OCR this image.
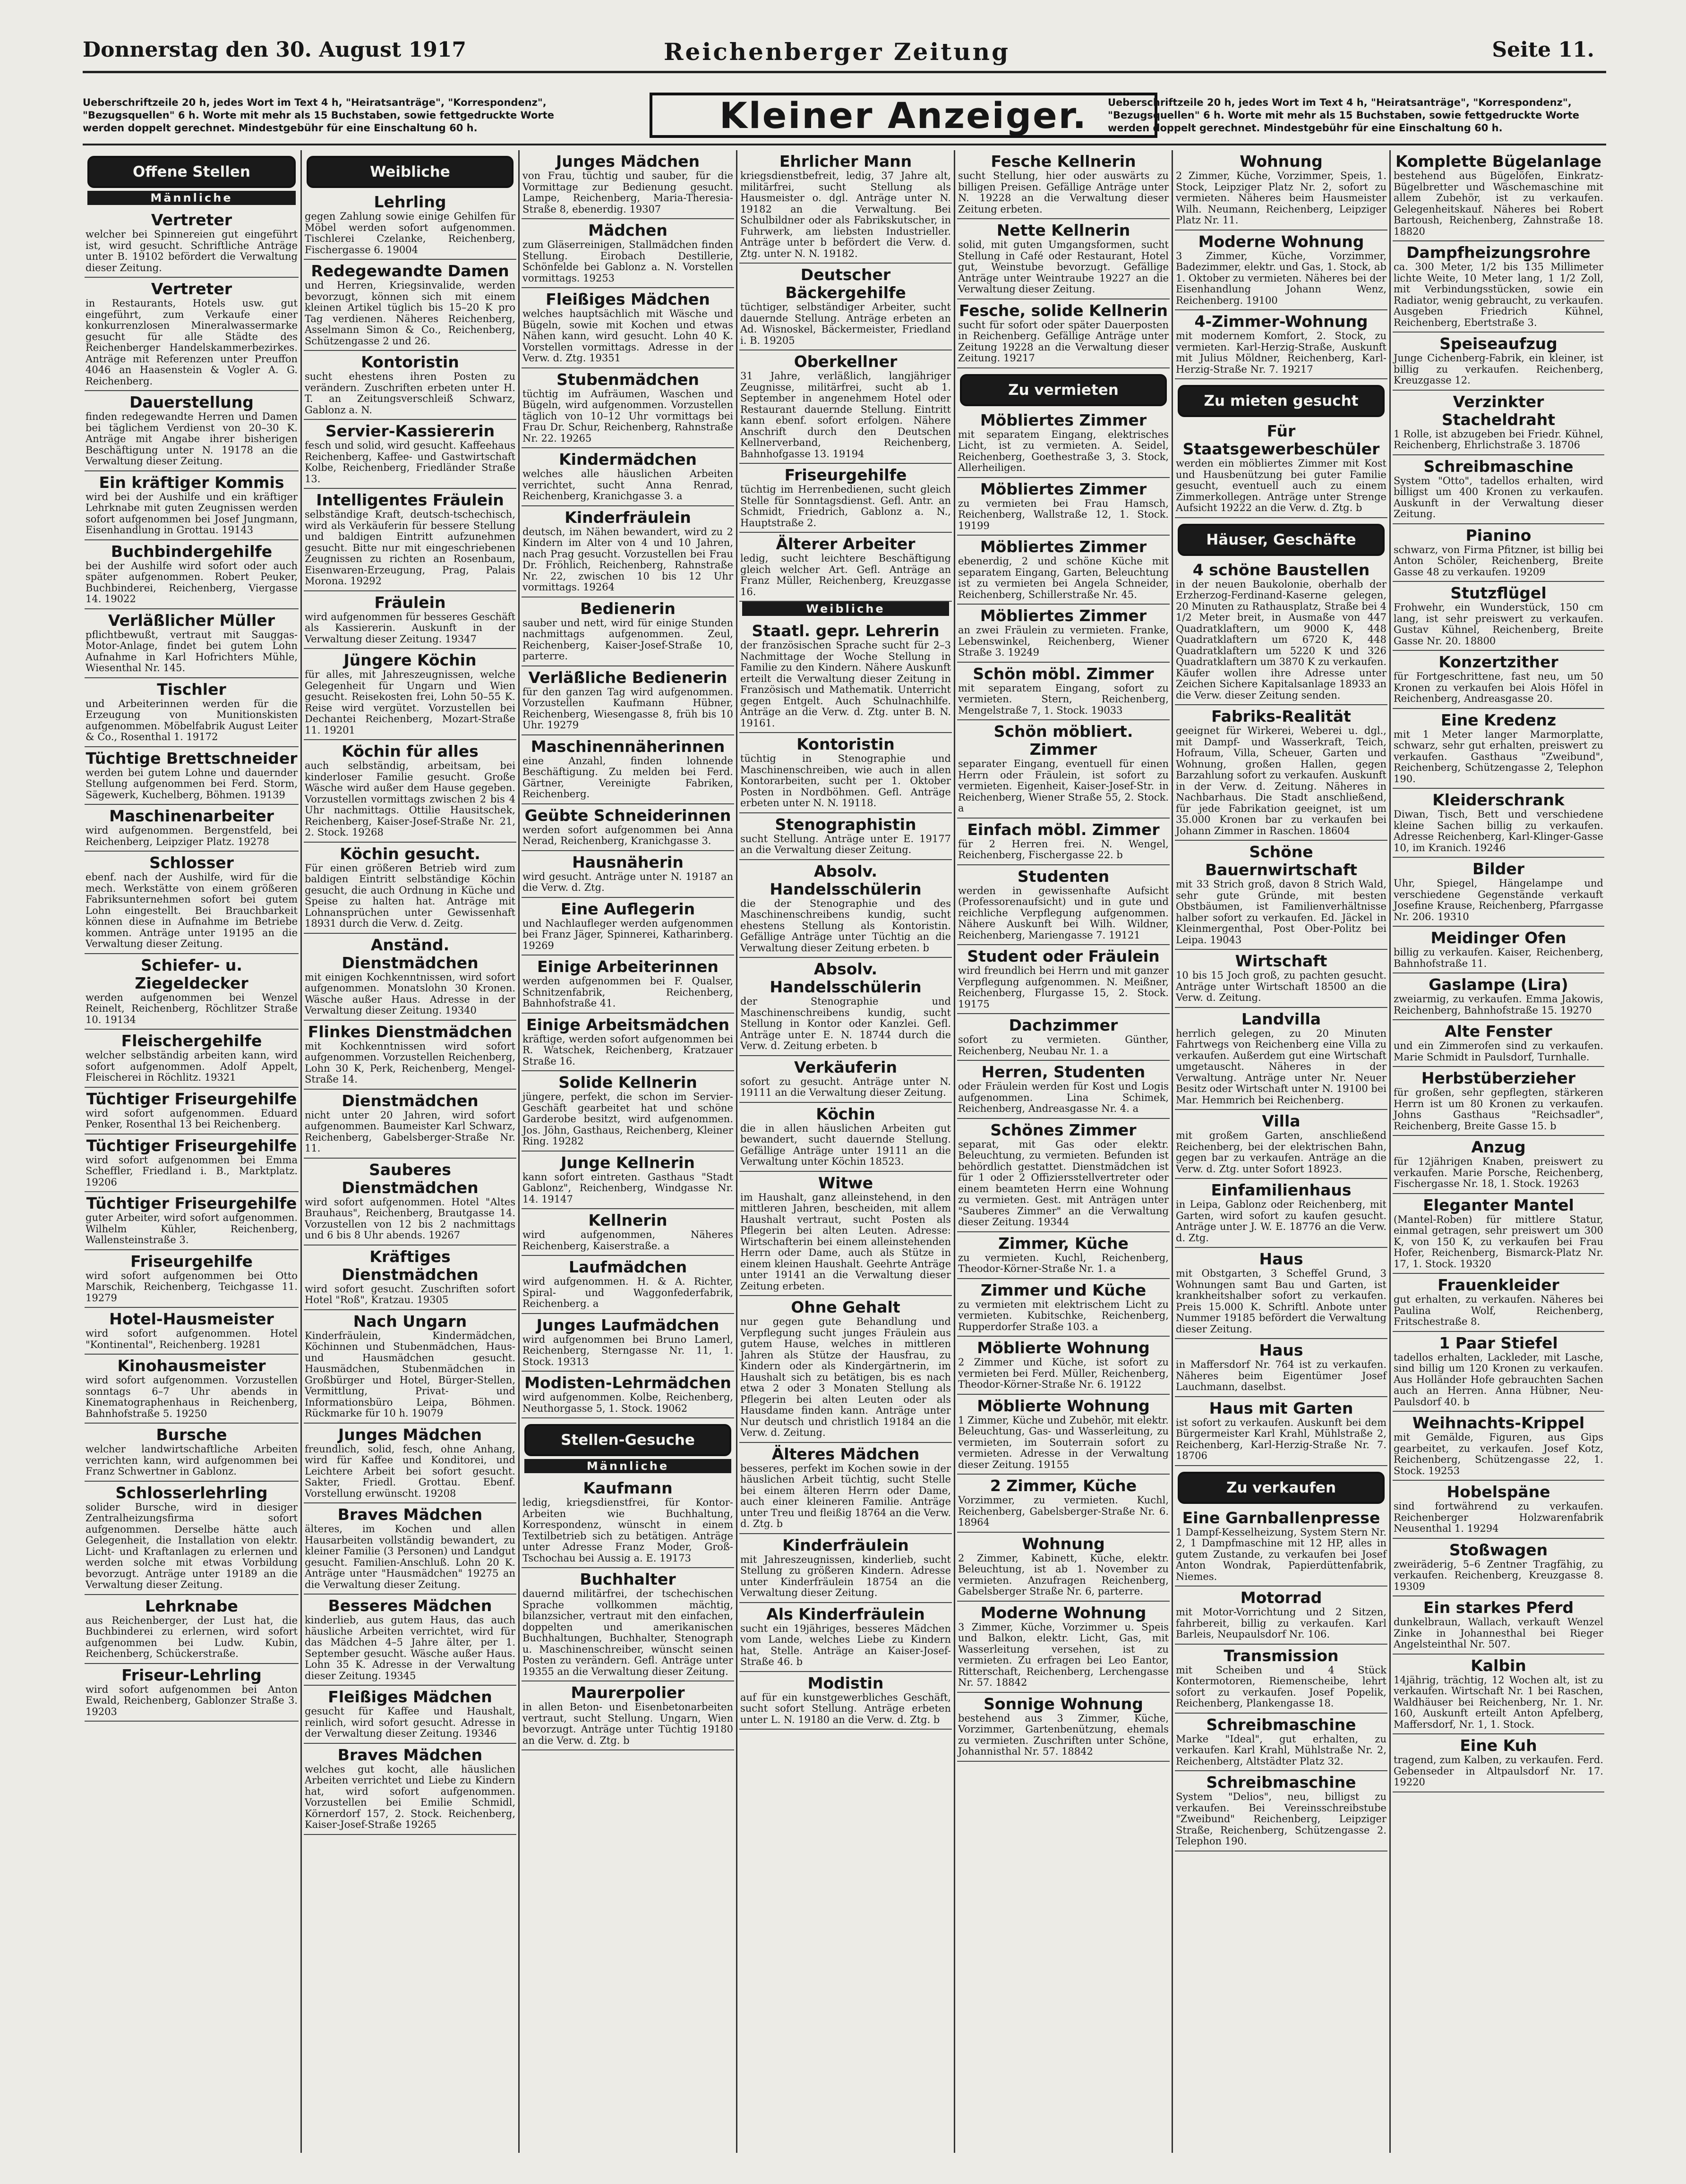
Donnerstag den 30. August 1917	Reichenberger Zeitung	Seite 11.
Ueberschriftzeile 20 h, jedes Wort im Text 4 h, "Heiratsanträge", "Korrespondenz", "Bezugsquellen" 6 h. Worte mit mehr als 15 Buchstaben, sowie fettgedruckte Worte werden doppelt gerechnet. Mindestgebühr für eine Einschaltung 60 h.	Kleiner Anzeiger.	Ueberschriftzeile 20 h, jedes Wort im Text 4 h, "Heiratsanträge", "Korrespondenz", "Bezugsquellen" 6 h. Worte mit mehr als 15 Buchstaben, sowie fettgedruckte Worte werden doppelt gerechnet. Mindestgebühr für eine Einschaltung 60 h.
Offene Stellen
Männliche
Vertreter
welcher bei Spinnereien gut eingeführt ist, wird gesucht. Schriftliche Anträge unter B. 19102 befördert die Verwaltung dieser Zeitung.
Vertreter
in Restaurants, Hotels usw. gut eingeführt, zum Verkaufe einer konkurrenzlosen Mineralwassermarke gesucht für alle Städte des Reichenberger Handelskammerbezirkes. Anträge mit Referenzen unter Preuffon 4046 an Haasenstein & Vogler A. G. Reichenberg.
Dauerstellung
finden redegewandte Herren und Damen bei täglichem Verdienst von 20–30 K. Anträge mit Angabe ihrer bisherigen Beschäftigung unter N. 19178 an die Verwaltung dieser Zeitung.
Ein kräftiger Kommis
wird bei der Aushilfe und ein kräftiger Lehrknabe mit guten Zeugnissen werden sofort aufgenommen bei Josef Jungmann, Eisenhandlung in Grottau. 19143
Buchbindergehilfe
bei der Aushilfe wird sofort oder auch später aufgenommen. Robert Peuker, Buchbinderei, Reichenberg, Viergasse 14. 19022
Verläßlicher Müller
pflichtbewußt, vertraut mit Sauggas-Motor-Anlage, findet bei gutem Lohn Aufnahme in Karl Hofrichters Mühle, Wiesenthal Nr. 145.
Tischler
und Arbeiterinnen werden für die Erzeugung von Munitionskisten aufgenommen. Möbelfabrik August Leiter & Co., Rosenthal 1. 19172
Tüchtige Brettschneider
werden bei gutem Lohne und dauernder Stellung aufgenommen bei Ferd. Storm, Sägewerk, Kuchelberg, Böhmen. 19139
Maschinenarbeiter
wird aufgenommen. Bergenstfeld, bei Reichenberg, Leipziger Platz. 19278
Schlosser
ebenf. nach der Aushilfe, wird für die mech. Werkstätte von einem größeren Fabriksunternehmen sofort bei gutem Lohn eingestellt. Bei Brauchbarkeit können diese in Aufnahme im Betriebe kommen. Anträge unter 19195 an die Verwaltung dieser Zeitung.
Schiefer- u. Ziegeldecker
werden aufgenommen bei Wenzel Reinelt, Reichenberg, Röchlitzer Straße 10. 19134
Fleischergehilfe
welcher selbständig arbeiten kann, wird sofort aufgenommen. Adolf Appelt, Fleischerei in Röchlitz. 19321
Tüchtiger Friseurgehilfe
wird sofort aufgenommen. Eduard Penker, Rosenthal 13 bei Reichenberg.
Tüchtiger Friseurgehilfe
wird sofort aufgenommen bei Emma Scheffler, Friedland i. B., Marktplatz. 19206
Tüchtiger Friseurgehilfe
guter Arbeiter, wird sofort aufgenommen. Wilhelm Kühler, Reichenberg, Wallensteinstraße 3.
Friseurgehilfe
wird sofort aufgenommen bei Otto Marschik, Reichenberg, Teichgasse 11. 19279
Hotel-Hausmeister
wird sofort aufgenommen. Hotel "Kontinental", Reichenberg. 19281
Kinohausmeister
wird sofort aufgenommen. Vorzustellen sonntags 6–7 Uhr abends in Kinematographenhaus in Reichenberg, Bahnhofstraße 5. 19250
Bursche
welcher landwirtschaftliche Arbeiten verrichten kann, wird aufgenommen bei Franz Schwertner in Gablonz.
Schlosserlehrling
solider Bursche, wird in diesiger Zentralheizungsfirma sofort aufgenommen. Derselbe hätte auch Gelegenheit, die Installation von elektr. Licht- und Kraftanlagen zu erlernen und werden solche mit etwas Vorbildung bevorzugt. Anträge unter 19189 an die Verwaltung dieser Zeitung.
Lehrknabe
aus Reichenberger, der Lust hat, die Buchbinderei zu erlernen, wird sofort aufgenommen bei Ludw. Kubin, Reichenberg, Schückerstraße.
Friseur-Lehrling
wird sofort aufgenommen bei Anton Ewald, Reichenberg, Gablonzer Straße 3. 19203
Weibliche
Lehrling
gegen Zahlung sowie einige Gehilfen für Möbel werden sofort aufgenommen. Tischlerei Czelanke, Reichenberg, Fischergasse 6. 19004
Redegewandte Damen
und Herren, Kriegsinvalide, werden bevorzugt, können sich mit einem kleinen Artikel tüglich bis 15–20 K pro Tag verdienen. Näheres Reichenberg, Asselmann Simon & Co., Reichenberg, Schützengasse 2 und 26.
Kontoristin
sucht ehestens ihren Posten zu verändern. Zuschriften erbeten unter H. T. an Zeitungsverschleiß Schwarz, Gablonz a. N.
Servier-Kassiererin
fesch und solid, wird gesucht. Kaffeehaus Reichenberg, Kaffee- und Gastwirtschaft Kolbe, Reichenberg, Friedländer Straße 13.
Intelligentes Fräulein
selbständige Kraft, deutsch-tschechisch, wird als Verkäuferin für bessere Stellung und baldigen Eintritt aufzunehmen gesucht. Bitte nur mit eingeschriebenen Zeugnissen zu richten an Rosenbaum, Eisenwaren-Erzeugung, Prag, Palais Morona. 19292
Fräulein
wird aufgenommen für besseres Geschäft als Kassiererin. Auskunft in der Verwaltung dieser Zeitung. 19347
Jüngere Köchin
für alles, mit Jahreszeugnissen, welche Gelegenheit für Ungarn und Wien gesucht. Reisekosten frei, Lohn 50–55 K. Reise wird vergütet. Vorzustellen bei Dechantei Reichenberg, Mozart-Straße 11. 19201
Köchin für alles
auch selbständig, arbeitsam, bei kinderloser Familie gesucht. Große Wäsche wird außer dem Hause gegeben. Vorzustellen vormittags zwischen 2 bis 4 Uhr nachmittags. Ottilie Hausitschek, Reichenberg, Kaiser-Josef-Straße Nr. 21, 2. Stock. 19268
Köchin gesucht.
Für einen größeren Betrieb wird zum baldigen Eintritt selbständige Köchin gesucht, die auch Ordnung in Küche und Speise zu halten hat. Anträge mit Lohnansprüchen unter Gewissenhaft 18931 durch die Verw. d. Zeitg.
Anständ. Dienstmädchen
mit einigen Kochkenntnissen, wird sofort aufgenommen. Monatslohn 30 Kronen. Wäsche außer Haus. Adresse in der Verwaltung dieser Zeitung. 19340
Flinkes Dienstmädchen
mit Kochkenntnissen wird sofort aufgenommen. Vorzustellen Reichenberg, Lohn 30 K, Perk, Reichenberg, Mengel-Straße 14.
Dienstmädchen
nicht unter 20 Jahren, wird sofort aufgenommen. Baumeister Karl Schwarz, Reichenberg, Gabelsberger-Straße Nr. 11.
Sauberes Dienstmädchen
wird sofort aufgenommen. Hotel "Altes Brauhaus", Reichenberg, Brautgasse 14. Vorzustellen von 12 bis 2 nachmittags und 6 bis 8 Uhr abends. 19267
Kräftiges Dienstmädchen
wird sofort gesucht. Zuschriften sofort Hotel "Roß", Kratzau. 19305
Nach Ungarn
Kinderfräulein, Kindermädchen, Köchinnen und Stubenmädchen, Haus- und Hausmädchen gesucht. Hausmädchen, Stubenmädchen in Großbürger und Hotel, Bürger-Stellen, Vermittlung, Privat- und Informationsbüro Leipa, Böhmen. Rückmarke für 10 h. 19079
Junges Mädchen
freundlich, solid, fesch, ohne Anhang, wird für Kaffee und Konditorei, und Leichtere Arbeit bei sofort gesucht. Sakter, Friedl. Grottau. Ebenf. Vorstellung erwünscht. 19208
Braves Mädchen
älteres, im Kochen und allen Hausarbeiten vollständig bewandert, zu kleiner Familie (3 Personen) und Landgut gesucht. Familien-Anschluß. Lohn 20 K. Anträge unter "Hausmädchen" 19275 an die Verwaltung dieser Zeitung.
Besseres Mädchen
kinderlieb, aus gutem Haus, das auch häusliche Arbeiten verrichtet, wird für das Mädchen 4–5 Jahre älter, per 1. September gesucht. Wäsche außer Haus. Lohn 35 K. Adresse in der Verwaltung dieser Zeitung. 19345
Fleißiges Mädchen
gesucht für Kaffee und Haushalt, reinlich, wird sofort gesucht. Adresse in der Verwaltung dieser Zeitung. 19346
Braves Mädchen
welches gut kocht, alle häuslichen Arbeiten verrichtet und Liebe zu Kindern hat, wird sofort aufgenommen. Vorzustellen bei Emilie Schmidl, Körnerdorf 157, 2. Stock. Reichenberg, Kaiser-Josef-Straße 19265
Junges Mädchen
von Frau, tüchtig und sauber, für die Vormittage zur Bedienung gesucht. Lampe, Reichenberg, Maria-Theresia-Straße 8, ebenerdig. 19307
Mädchen
zum Gläserreinigen, Stallmädchen finden Stellung. Eirobach Destillerie, Schönfelde bei Gablonz a. N. Vorstellen vormittags. 19253
Fleißiges Mädchen
welches hauptsächlich mit Wäsche und Bügeln, sowie mit Kochen und etwas Nähen kann, wird gesucht. Lohn 40 K. Vorstellen vormittags. Adresse in der Verw. d. Ztg. 19351
Stubenmädchen
tüchtig im Aufräumen, Waschen und Bügeln, wird aufgenommen. Vorzustellen täglich von 10–12 Uhr vormittags bei Frau Dr. Schur, Reichenberg, Rahnstraße Nr. 22. 19265
Kindermädchen
welches alle häuslichen Arbeiten verrichtet, sucht Anna Renrad, Reichenberg, Kranichgasse 3. a
Kinderfräulein
deutsch, im Nähen bewandert, wird zu 2 Kindern im Alter von 4 und 10 Jahren, nach Prag gesucht. Vorzustellen bei Frau Dr. Fröhlich, Reichenberg, Rahnstraße Nr. 22, zwischen 10 bis 12 Uhr vormittags. 19264
Bedienerin
sauber und nett, wird für einige Stunden nachmittags aufgenommen. Zeul, Reichenberg, Kaiser-Josef-Straße 10, parterre.
Verläßliche Bedienerin
für den ganzen Tag wird aufgenommen. Vorzustellen Kaufmann Hübner, Reichenberg, Wiesengasse 8, früh bis 10 Uhr. 19279
Maschinennäherinnen
eine Anzahl, finden lohnende Beschäftigung. Zu melden bei Ferd. Gärtner, Vereinigte Fabriken, Reichenberg.
Geübte Schneiderinnen
werden sofort aufgenommen bei Anna Nerad, Reichenberg, Kranichgasse 3.
Hausnäherin
wird gesucht. Anträge unter N. 19187 an die Verw. d. Ztg.
Eine Auflegerin
und Nachlaufleger werden aufgenommen bei Franz Jäger, Spinnerei, Katharinberg. 19269
Einige Arbeiterinnen
werden aufgenommen bei F. Qualser, Schnitzenfabrik, Reichenberg, Bahnhofstraße 41.
Einige Arbeitsmädchen
kräftige, werden sofort aufgenommen bei R. Watschek, Reichenberg, Kratzauer Straße 16.
Solide Kellnerin
jüngere, perfekt, die schon im Servier-Geschäft gearbeitet hat und schöne Garderobe besitzt, wird aufgenommen. Jos. Jöhn, Gasthaus, Reichenberg, Kleiner Ring. 19282
Junge Kellnerin
kann sofort eintreten. Gasthaus "Stadt Gablonz", Reichenberg, Windgasse Nr. 14. 19147
Kellnerin
wird aufgenommen, Näheres Reichenberg, Kaiserstraße. a
Laufmädchen
wird aufgenommen. H. & A. Richter, Spiral- und Waggonfederfabrik, Reichenberg. a
Junges Laufmädchen
wird aufgenommen bei Bruno Lamerl, Reichenberg, Sterngasse Nr. 11, 1. Stock. 19313
Modisten-Lehrmädchen
wird aufgenommen. Kolbe, Reichenberg, Neuthorgasse 5, 1. Stock. 19062
Stellen-Gesuche
Männliche
Kaufmann
ledig, kriegsdienstfrei, für Kontor-Arbeiten wie Buchhaltung, Korrespondenz, wünscht in einem Textilbetrieb sich zu betätigen. Anträge unter Adresse Franz Moder, Groß-Tschochau bei Aussig a. E. 19173
Buchhalter
dauernd militärfrei, der tschechischen Sprache vollkommen mächtig, bilanzsicher, vertraut mit den einfachen, doppelten und amerikanischen Buchhaltungen, Buchhalter, Stenograph u. Maschinenschreiber, wünscht seinen Posten zu verändern. Gefl. Anträge unter 19355 an die Verwaltung dieser Zeitung.
Maurerpolier
in allen Beton- und Eisenbetonarbeiten vertraut, sucht Stellung. Ungarn, Wien bevorzugt. Anträge unter Tüchtig 19180 an die Verw. d. Ztg. b
Ehrlicher Mann
kriegsdienstbefreit, ledig, 37 Jahre alt, militärfrei, sucht Stellung als Hausmeister o. dgl. Anträge unter N. 19182 an die Verwaltung. Bei Schulbildner oder als Fabrikskutscher, in Fuhrwerk, am liebsten Industrieller. Anträge unter b befördert die Verw. d. Ztg. unter N. N. 19182.
Deutscher Bäckergehilfe
tüchtiger, selbständiger Arbeiter, sucht dauernde Stellung. Anträge erbeten an Ad. Wisnoskel, Bäckermeister, Friedland i. B. 19205
Oberkellner
31 Jahre, verläßlich, langjähriger Zeugnisse, militärfrei, sucht ab 1. September in angenehmem Hotel oder Restaurant dauernde Stellung. Eintritt kann ebenf. sofort erfolgen. Nähere Anschrift durch den Deutschen Kellnerverband, Reichenberg, Bahnhofgasse 13. 19194
Friseurgehilfe
tüchtig im Herrenbedienen, sucht gleich Stelle für Sonntagsdienst. Gefl. Antr. an Schmidt, Friedrich, Gablonz a. N., Hauptstraße 2.
Älterer Arbeiter
ledig, sucht leichtere Beschäftigung gleich welcher Art. Gefl. Anträge an Franz Müller, Reichenberg, Kreuzgasse 16.
Weibliche
Staatl. gepr. Lehrerin
der französischen Sprache sucht für 2–3 Nachmittage der Woche Stellung in Familie zu den Kindern. Nähere Auskunft erteilt die Verwaltung dieser Zeitung in Französisch und Mathematik. Unterricht gegen Entgelt. Auch Schulnachhilfe. Anträge an die Verw. d. Ztg. unter B. N. 19161.
Kontoristin
tüchtig in Stenographie und Maschinenschreiben, wie auch in allen Kontorarbeiten, sucht per 1. Oktober Posten in Nordböhmen. Gefl. Anträge erbeten unter N. N. 19118.
Stenographistin
sucht Stellung. Anträge unter E. 19177 an die Verwaltung dieser Zeitung.
Absolv. Handelsschülerin
die der Stenographie und des Maschinenschreibens kundig, sucht ehestens Stellung als Kontoristin. Gefällige Anträge unter Tüchtig an die Verwaltung dieser Zeitung erbeten. b
Absolv. Handelsschülerin
der Stenographie und Maschinenschreibens kundig, sucht Stellung in Kontor oder Kanzlei. Gefl. Anträge unter E. N. 18744 durch die Verw. d. Zeitung erbeten. b
Verkäuferin
sofort zu gesucht. Anträge unter N. 19111 an die Verwaltung dieser Zeitung.
Köchin
die in allen häuslichen Arbeiten gut bewandert, sucht dauernde Stellung. Gefällige Anträge unter 19111 an die Verwaltung unter Köchin 18523.
Witwe
im Haushalt, ganz alleinstehend, in den mittleren Jahren, bescheiden, mit allem Haushalt vertraut, sucht Posten als Pflegerin bei alten Leuten. Adresse: Wirtschafterin bei einem alleinstehenden Herrn oder Dame, auch als Stütze in einem kleinen Haushalt. Geehrte Anträge unter 19141 an die Verwaltung dieser Zeitung erbeten.
Ohne Gehalt
nur gegen gute Behandlung und Verpflegung sucht junges Fräulein aus gutem Hause, welches in mittleren Jahren als Stütze der Hausfrau, zu Kindern oder als Kindergärtnerin, im Haushalt sich zu betätigen, bis es nach etwa 2 oder 3 Monaten Stellung als Pflegerin bei alten Leuten oder als Hausdame finden kann. Anträge unter Nur deutsch und christlich 19184 an die Verw. d. Zeitung.
Älteres Mädchen
besseres, perfekt im Kochen sowie in der häuslichen Arbeit tüchtig, sucht Stelle bei einem älteren Herrn oder Dame, auch einer kleineren Familie. Anträge unter Treu und fleißig 18764 an die Verw. d. Ztg. b
Kinderfräulein
mit Jahreszeugnissen, kinderlieb, sucht Stellung zu größeren Kindern. Adresse unter Kinderfräulein 18754 an die Verwaltung dieser Zeitung.
Als Kinderfräulein
sucht ein 19jähriges, besseres Mädchen vom Lande, welches Liebe zu Kindern hat, Stelle. Anträge an Kaiser-Josef-Straße 46. b
Modistin
auf für ein kunstgewerbliches Geschäft, sucht sofort Stellung. Anträge erbeten unter L. N. 19180 an die Verw. d. Ztg. b
Fesche Kellnerin
sucht Stellung, hier oder auswärts zu billigen Preisen. Gefällige Anträge unter N. 19228 an die Verwaltung dieser Zeitung erbeten.
Nette Kellnerin
solid, mit guten Umgangsformen, sucht Stellung in Café oder Restaurant, Hotel gut, Weinstube bevorzugt. Gefällige Anträge unter Weintraube 19227 an die Verwaltung dieser Zeitung.
Fesche, solide Kellnerin
sucht für sofort oder später Dauerposten in Reichenberg. Gefällige Anträge unter Zeitung 19228 an die Verwaltung dieser Zeitung. 19217
Zu vermieten
Möbliertes Zimmer
mit separatem Eingang, elektrisches Licht, ist zu vermieten. A. Seidel, Reichenberg, Goethestraße 3, 3. Stock, Allerheiligen.
Möbliertes Zimmer
zu vermieten bei Frau Hamsch, Reichenberg, Wallstraße 12, 1. Stock. 19199
Möbliertes Zimmer
ebenerdig, 2 und schöne Küche mit separatem Eingang, Garten, Beleuchtung ist zu vermieten bei Angela Schneider, Reichenberg, Schillerstraße Nr. 45.
Möbliertes Zimmer
an zwei Fräulein zu vermieten. Franke, Lebenswinkel, Reichenberg, Wiener Straße 3. 19249
Schön möbl. Zimmer
mit separatem Eingang, sofort zu vermieten. Stern, Reichenberg, Mengelstraße 7, 1. Stock. 19033
Schön möbliert. Zimmer
separater Eingang, eventuell für einen Herrn oder Fräulein, ist sofort zu vermieten. Eigenheit, Kaiser-Josef-Str. in Reichenberg, Wiener Straße 55, 2. Stock. a
Einfach möbl. Zimmer
für 2 Herren frei. N. Wengel, Reichenberg, Fischergasse 22. b
Studenten
werden in gewissenhafte Aufsicht (Professorenaufsicht) und in gute und reichliche Verpflegung aufgenommen. Nähere Auskunft bei Wilh. Wildner, Reichenberg, Mariengasse 7. 19121
Student oder Fräulein
wird freundlich bei Herrn und mit ganzer Verpflegung aufgenommen. N. Meißner, Reichenberg, Flurgasse 15, 2. Stock. 19175
Dachzimmer
sofort zu vermieten. Günther, Reichenberg, Neubau Nr. 1. a
Herren, Studenten
oder Fräulein werden für Kost und Logis aufgenommen. Lina Schimek, Reichenberg, Andreasgasse Nr. 4. a
Schönes Zimmer
separat, mit Gas oder elektr. Beleuchtung, zu vermieten. Befunden ist behördlich gestattet. Dienstmädchen ist für 1 oder 2 Offiziersstellvertreter oder einem beamteten Herrn eine Wohnung zu vermieten. Gest. mit Anträgen unter "Sauberes Zimmer" an die Verwaltung dieser Zeitung. 19344
Zimmer, Küche
zu vermieten. Kuchl, Reichenberg, Theodor-Körner-Straße Nr. 1. a
Zimmer und Küche
zu vermieten mit elektrischem Licht zu vermieten. Kubitschke, Reichenberg, Rupperdorfer Straße 103. a
Möblierte Wohnung
2 Zimmer und Küche, ist sofort zu vermieten bei Ferd. Müller, Reichenberg, Theodor-Körner-Straße Nr. 6. 19122
Möblierte Wohnung
1 Zimmer, Küche und Zubehör, mit elektr. Beleuchtung, Gas- und Wasserleitung, zu vermieten, im Souterrain sofort zu vermieten. Adresse in der Verwaltung dieser Zeitung. 19155
2 Zimmer, Küche
Vorzimmer, zu vermieten. Kuchl, Reichenberg, Gabelsberger-Straße Nr. 6. 18964
Wohnung
2 Zimmer, Kabinett, Küche, elektr. Beleuchtung, ist ab 1. November zu vermieten. Anzufragen Reichenberg, Gabelsberger Straße Nr. 6, parterre.
Moderne Wohnung
3 Zimmer, Küche, Vorzimmer u. Speis und Balkon, elektr. Licht, Gas, mit Wasserleitung versehen, ist zu vermieten. Zu erfragen bei Leo Eantor, Ritterschaft, Reichenberg, Lerchengasse Nr. 57. 18842
Sonnige Wohnung
bestehend aus 3 Zimmer, Küche, Vorzimmer, Gartenbenützung, ehemals zu vermieten. Zuschriften unter Schöne, Johannisthal Nr. 57. 18842
Wohnung
2 Zimmer, Küche, Vorzimmer, Speis, 1. Stock, Leipziger Platz Nr. 2, sofort zu vermieten. Näheres beim Hausmeister Wilh. Neumann, Reichenberg, Leipziger Platz Nr. 11.
Moderne Wohnung
3 Zimmer, Küche, Vorzimmer, Badezimmer, elektr. und Gas, 1. Stock, ab 1. Oktober zu vermieten. Näheres bei der Eisenhandlung Johann Wenz, Reichenberg. 19100
4-Zimmer-Wohnung
mit modernem Komfort, 2. Stock, zu vermieten. Karl-Herzig-Straße, Auskunft mit Julius Möldner, Reichenberg, Karl-Herzig-Straße Nr. 7. 19217
Zu mieten gesucht
Für Staatsgewerbeschüler
werden ein möbliertes Zimmer mit Kost und Hausbenützung bei guter Familie gesucht, eventuell auch zu einem Zimmerkollegen. Anträge unter Strenge Aufsicht 19222 an die Verw. d. Ztg. b
Häuser, Geschäfte
4 schöne Baustellen
in der neuen Baukolonie, oberhalb der Erzherzog-Ferdinand-Kaserne gelegen, 20 Minuten zu Rathausplatz, Straße bei 4 1/2 Meter breit, in Ausmaße von 447 Quadratklaftern, um 9000 K, 448 Quadratklaftern um 6720 K, 448 Quadratklaftern um 5220 K und 326 Quadratklaftern um 3870 K zu verkaufen. Käufer wollen ihre Adresse unter Zeichen Sichere Kapitalsanlage 18933 an die Verw. dieser Zeitung senden.
Fabriks-Realität
geeignet für Wirkerei, Weberei u. dgl., mit Dampf- und Wasserkraft, Teich, Hofraum, Villa, Scheuer, Garten und Wohnung, großen Hallen, gegen Barzahlung sofort zu verkaufen. Auskunft in der Verw. d. Zeitung. Näheres in Nachbarhaus. Die Stadt anschließend, für jede Fabrikation geeignet, ist um 35.000 Kronen bar zu verkaufen bei Johann Zimmer in Raschen. 18604
Schöne Bauernwirtschaft
mit 33 Strich groß, davon 8 Strich Wald, sehr gute Gründe, mit besten Obstbäumen, ist Familienverhältnisse halber sofort zu verkaufen. Ed. Jäckel in Kleinmergenthal, Post Ober-Politz bei Leipa. 19043
Wirtschaft
10 bis 15 Joch groß, zu pachten gesucht. Anträge unter Wirtschaft 18500 an die Verw. d. Zeitung.
Landvilla
herrlich gelegen, zu 20 Minuten Fahrtwegs von Reichenberg eine Villa zu verkaufen. Außerdem gut eine Wirtschaft umgetauscht. Näheres in der Verwaltung. Anträge unter Nr. Neuer Besitz oder Wirtschaft unter N. 19100 bei Mar. Hemmrich bei Reichenberg.
Villa
mit großem Garten, anschließend Reichenberg, bei der elektrischen Bahn, gegen bar zu verkaufen. Anträge an die Verw. d. Ztg. unter Sofort 18923.
Einfamilienhaus
in Leipa, Gablonz oder Reichenberg, mit Garten, wird sofort zu kaufen gesucht. Anträge unter J. W. E. 18776 an die Verw. d. Ztg.
Haus
mit Obstgarten, 3 Scheffel Grund, 3 Wohnungen samt Bau und Garten, ist krankheitshalber sofort zu verkaufen. Preis 15.000 K. Schriftl. Anbote unter Nummer 19185 befördert die Verwaltung dieser Zeitung.
Haus
in Maffersdorf Nr. 764 ist zu verkaufen. Näheres beim Eigentümer Josef Lauchmann, daselbst.
Haus mit Garten
ist sofort zu verkaufen. Auskunft bei dem Bürgermeister Karl Krahl, Mühlstraße 2, Reichenberg, Karl-Herzig-Straße Nr. 7. 18706
Zu verkaufen
Eine Garnballenpresse
1 Dampf-Kesselheizung, System Stern Nr. 2, 1 Dampfmaschine mit 12 HP, alles in gutem Zustande, zu verkaufen bei Josef Anton Wondrak, Papierdüttenfabrik, Niemes.
Motorrad
mit Motor-Vorrichtung und 2 Sitzen, fahrbereit, billig zu verkaufen. Karl Barleis, Neupaulsdorf Nr. 106.
Transmission
mit Scheiben und 4 Stück Kontermotoren, Riemenscheibe, lehrt sofort zu verkaufen. Josef Popelik, Reichenberg, Plankengasse 18.
Schreibmaschine
Marke "Ideal", gut erhalten, zu verkaufen. Karl Krahl, Mühlstraße Nr. 2, Reichenberg, Altstädter Platz 32.
Schreibmaschine
System "Delios", neu, billigst zu verkaufen. Bei Vereinsschreibstube "Zweibund" Reichenberg, Leipziger Straße, Reichenberg, Schützengasse 2. Telephon 190.
Komplette Bügelanlage
bestehend aus Bügelöfen, Einkratz-Bügelbretter und Wäschemaschine mit allem Zubehör, ist zu verkaufen. Gelegenheitskauf. Näheres bei Robert Bartoush, Reichenberg, Zahnstraße 18. 18820
Dampfheizungsrohre
ca. 300 Meter, 1/2 bis 135 Millimeter lichte Weite, 10 Meter lang, 1 1/2 Zoll, mit Verbindungsstücken, sowie ein Radiator, wenig gebraucht, zu verkaufen. Ausgeben Friedrich Kühnel, Reichenberg, Ebertstraße 3.
Speiseaufzug
Junge Cichenberg-Fabrik, ein kleiner, ist billig zu verkaufen. Reichenberg, Kreuzgasse 12.
Verzinkter Stacheldraht
1 Rolle, ist abzugeben bei Friedr. Kühnel, Reichenberg, Ehrlichstraße 3. 18706
Schreibmaschine
System "Otto", tadellos erhalten, wird billigst um 400 Kronen zu verkaufen. Auskunft in der Verwaltung dieser Zeitung.
Pianino
schwarz, von Firma Pfitzner, ist billig bei Anton Schöler, Reichenberg, Breite Gasse 48 zu verkaufen. 19209
Stutzflügel
Frohwehr, ein Wunderstück, 150 cm lang, ist sehr preiswert zu verkaufen. Gustav Kühnel, Reichenberg, Breite Gasse Nr. 20. 18800
Konzertzither
für Fortgeschrittene, fast neu, um 50 Kronen zu verkaufen bei Alois Höfel in Reichenberg, Andreasgasse 20.
Eine Kredenz
mit 1 Meter langer Marmorplatte, schwarz, sehr gut erhalten, preiswert zu verkaufen. Gasthaus "Zweibund", Reichenberg, Schützengasse 2, Telephon 190.
Kleiderschrank
Diwan, Tisch, Bett und verschiedene kleine Sachen billig zu verkaufen. Adresse Reichenberg, Karl-Klinger-Gasse 10, im Kranich. 19246
Bilder
Uhr, Spiegel, Hängelampe und verschiedene Gegenstände verkauft Josefine Krause, Reichenberg, Pfarrgasse Nr. 206. 19310
Meidinger Ofen
billig zu verkaufen. Kaiser, Reichenberg, Bahnhofstraße 11.
Gaslampe (Lira)
zweiarmig, zu verkaufen. Emma Jakowis, Reichenberg, Bahnhofstraße 15. 19270
Alte Fenster
und ein Zimmerofen sind zu verkaufen. Marie Schmidt in Paulsdorf, Turnhalle.
Herbstüberzieher
für großen, sehr gepflegten, stärkeren Herrn ist um 80 Kronen zu verkaufen. Johns Gasthaus "Reichsadler", Reichenberg, Breite Gasse 15. b
Anzug
für 12jährigen Knaben, preiswert zu verkaufen. Marie Porsche, Reichenberg, Fischergasse Nr. 18, 1. Stock. 19263
Eleganter Mantel
(Mantel-Roben) für mittlere Statur, einmal getragen, sehr preiswert um 300 K, von 150 K, zu verkaufen bei Frau Hofer, Reichenberg, Bismarck-Platz Nr. 17, 1. Stock. 19320
Frauenkleider
gut erhalten, zu verkaufen. Näheres bei Paulina Wolf, Reichenberg, Fritschestraße 8.
1 Paar Stiefel
tadellos erhalten, Lackleder, mit Lasche, sind billig um 120 Kronen zu verkaufen. Aus Holländer Hofe gebrauchten Sachen auch an Herren. Anna Hübner, Neu-Paulsdorf 40. b
Weihnachts-Krippel
mit Gemälde, Figuren, aus Gips gearbeitet, zu verkaufen. Josef Kotz, Reichenberg, Schützengasse 22, 1. Stock. 19253
Hobelspäne
sind fortwährend zu verkaufen. Reichenberger Holzwarenfabrik Neusenthal 1. 19294
Stoßwagen
zweiräderig, 5–6 Zentner Tragfähig, zu verkaufen. Reichenberg, Kreuzgasse 8. 19309
Ein starkes Pferd
dunkelbraun, Wallach, verkauft Wenzel Zinke in Johannesthal bei Rieger Angelsteinthal Nr. 507.
Kalbin
14jährig, trächtig, 12 Wochen alt, ist zu verkaufen. Wirtschaft Nr. 1 bei Raschen, Waldhäuser bei Reichenberg, Nr. 1. Nr. 160, Auskunft erteilt Anton Apfelberg, Maffersdorf, Nr. 1, 1. Stock.
Eine Kuh
tragend, zum Kalben, zu verkaufen. Ferd. Gebenseder in Altpaulsdorf Nr. 17. 19220
